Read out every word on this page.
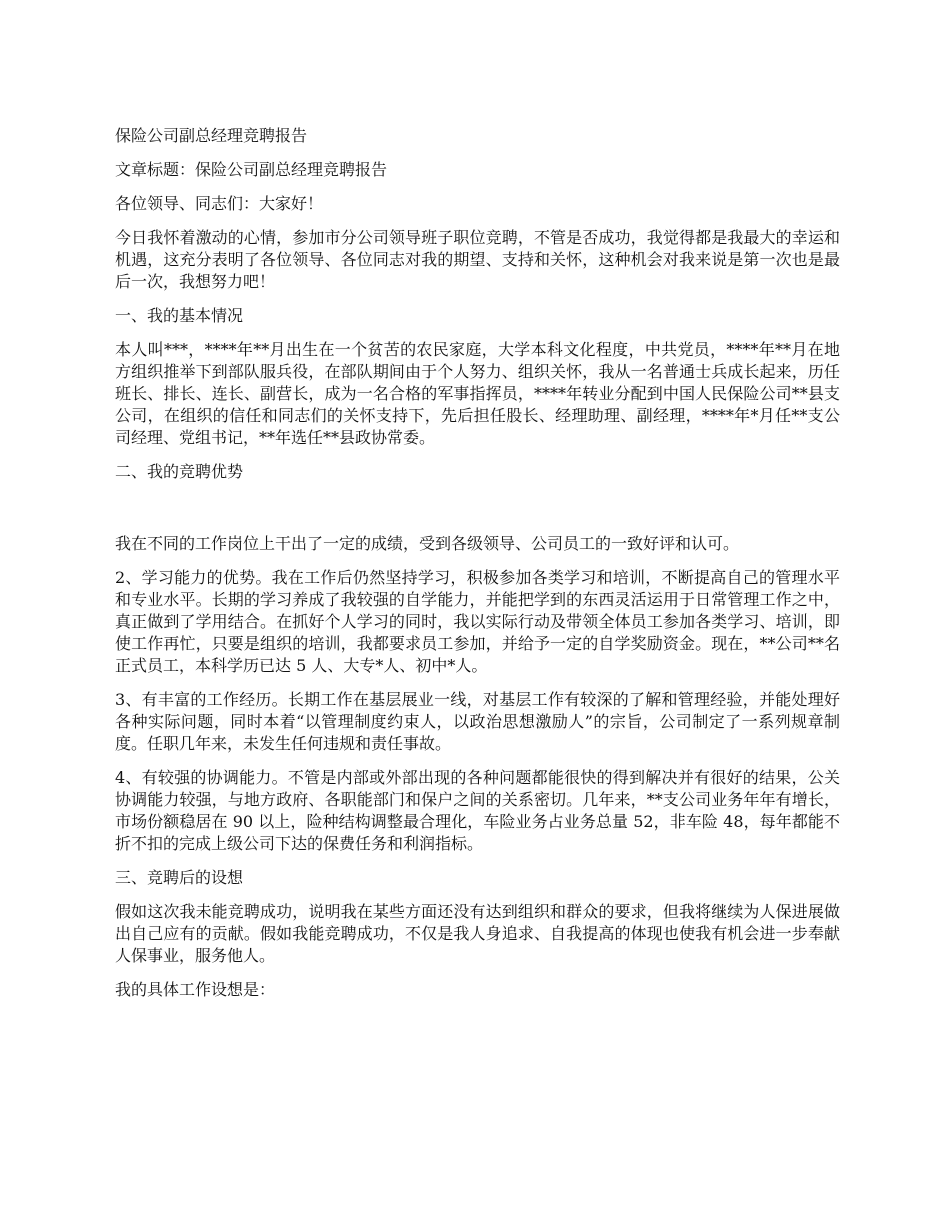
保险公司副总经理竞聘报告

文章标题：保险公司副总经理竞聘报告

各位领导、同志们：大家好！

今日我怀着激动的心情，参加市分公司领导班子职位竞聘，不管是否成功，我觉得都是我最大的幸运和机遇，这充分表明了各位领导、各位同志对我的期望、支持和关怀，这种机会对我来说是第一次也是最后一次，我想努力吧！

一、我的基本情况

本人叫***，****年**月出生在一个贫苦的农民家庭，大学本科文化程度，中共党员，****年**月在地方组织推举下到部队服兵役，在部队期间由于个人努力、组织关怀，我从一名普通士兵成长起来，历任班长、排长、连长、副营长，成为一名合格的军事指挥员，****年转业分配到中国人民保险公司**县支公司，在组织的信任和同志们的关怀支持下，先后担任股长、经理助理、副经理，****年*月任**支公司经理、党组书记，**年选任**县政协常委。

二、我的竞聘优势

我在不同的工作岗位上干出了一定的成绩，受到各级领导、公司员工的一致好评和认可。

2、学习能力的优势。我在工作后仍然坚持学习，积极参加各类学习和培训，不断提高自己的管理水平和专业水平。长期的学习养成了我较强的自学能力，并能把学到的东西灵活运用于日常管理工作之中，真正做到了学用结合。在抓好个人学习的同时，我以实际行动及带领全体员工参加各类学习、培训，即使工作再忙，只要是组织的培训，我都要求员工参加，并给予一定的自学奖励资金。现在，**公司**名正式员工，本科学历已达 5 人、大专*人、初中*人。

3、有丰富的工作经历。长期工作在基层展业一线，对基层工作有较深的了解和管理经验，并能处理好各种实际问题，同时本着“以管理制度约束人，以政治思想激励人”的宗旨，公司制定了一系列规章制度。任职几年来，未发生任何违规和责任事故。

4、有较强的协调能力。不管是内部或外部出现的各种问题都能很快的得到解决并有很好的结果，公关协调能力较强，与地方政府、各职能部门和保户之间的关系密切。几年来，**支公司业务年年有增长，市场份额稳居在 90 以上，险种结构调整最合理化，车险业务占业务总量 52，非车险 48，每年都能不折不扣的完成上级公司下达的保费任务和利润指标。

三、竞聘后的设想

假如这次我未能竞聘成功，说明我在某些方面还没有达到组织和群众的要求，但我将继续为人保进展做出自己应有的贡献。假如我能竞聘成功，不仅是我人身追求、自我提高的体现也使我有机会进一步奉献人保事业，服务他人。

我的具体工作设想是：
